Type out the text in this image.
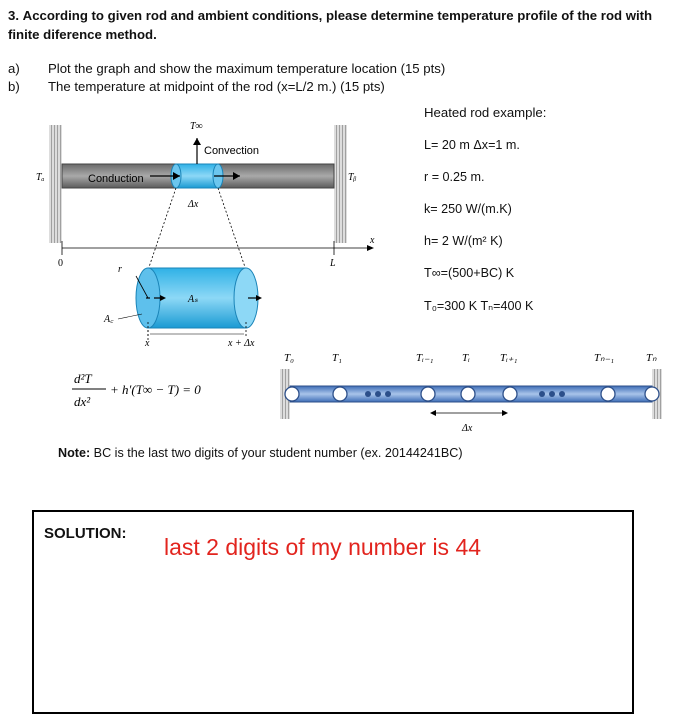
3. According to given rod and ambient conditions, please determine temperature profile of the rod with finite diference method.
a) Plot the graph and show the maximum temperature location (15 pts)
b) The temperature at midpoint of the rod (x=L/2 m.) (15 pts)
Heated rod example:
L= 20 m Δx=1 m.
r = 0.25 m.
k= 250 W/(m.K)
h= 2 W/(m² K)
T∞=(500+BC) K
T₀=300 K Tₙ=400 K
T∞
Convection
Conduction
Tₐ	Tᵦ
Δx
x
0	L
r
Aₛ
A꜀
x	x + Δx
d²T
dx²
+ h′(T∞ − T) = 0
T₀	T₁	Tᵢ₋₁	Tᵢ	Tᵢ₊₁	Tₙ₋₁	Tₙ
Δx
Note: BC is the last two digits of your student number (ex. 20144241BC)
SOLUTION:
last 2 digits of my number is 44
